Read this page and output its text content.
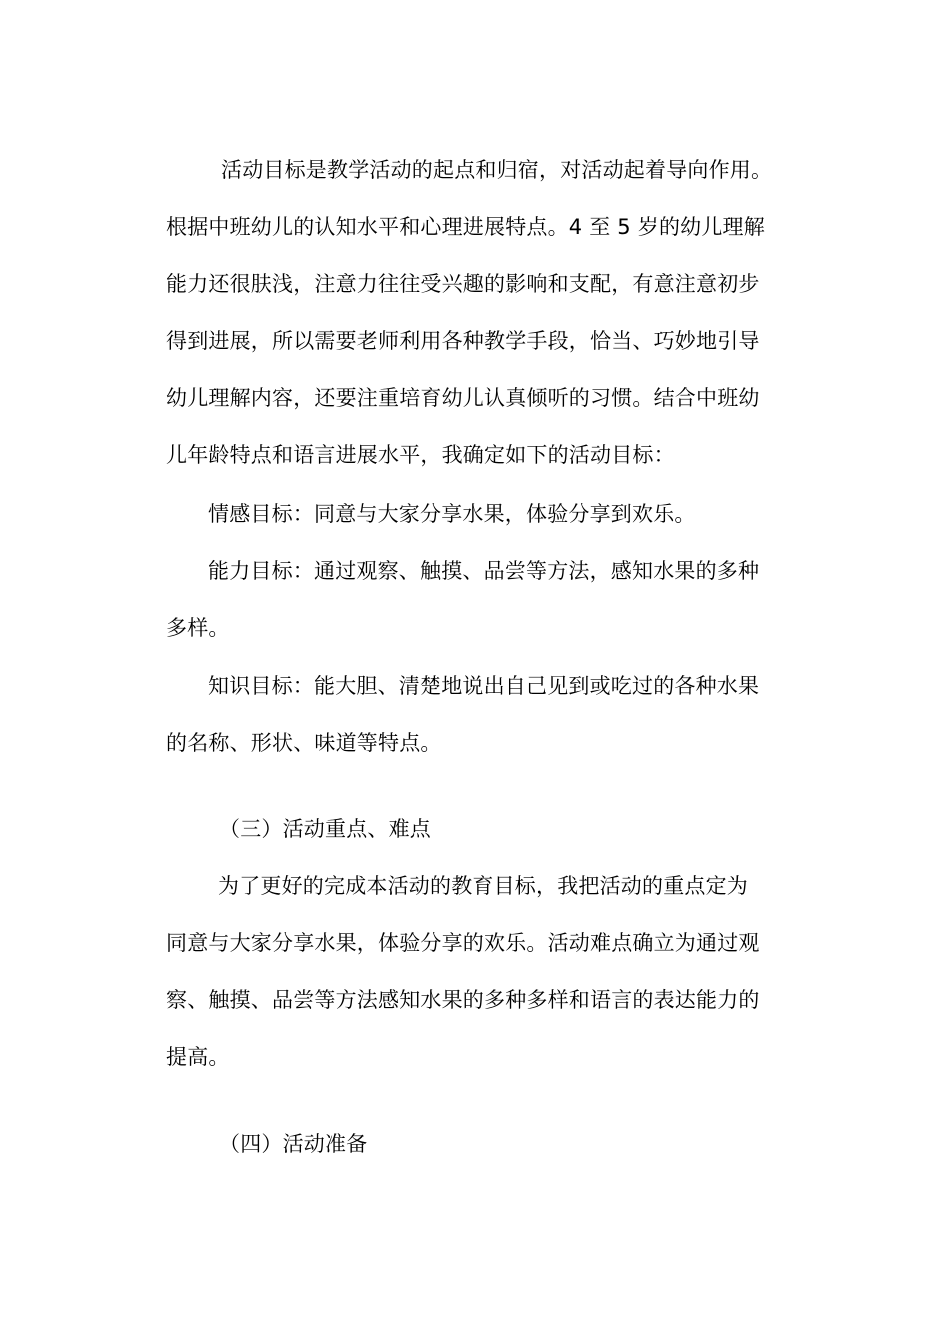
活动目标是教学活动的起点和归宿，对活动起着导向作用。
根据中班幼儿的认知水平和心理进展特点。4 至 5 岁的幼儿理解
能力还很肤浅，注意力往往受兴趣的影响和支配，有意注意初步
得到进展，所以需要老师利用各种教学手段，恰当、巧妙地引导
幼儿理解内容，还要注重培育幼儿认真倾听的习惯。结合中班幼
儿年龄特点和语言进展水平，我确定如下的活动目标：
情感目标：同意与大家分享水果，体验分享到欢乐。
能力目标：通过观察、触摸、品尝等方法，感知水果的多种
多样。
知识目标：能大胆、清楚地说出自己见到或吃过的各种水果
的名称、形状、味道等特点。
（三）活动重点、难点
为了更好的完成本活动的教育目标，我把活动的重点定为
同意与大家分享水果，体验分享的欢乐。活动难点确立为通过观
察、触摸、品尝等方法感知水果的多种多样和语言的表达能力的
提高。
（四）活动准备
